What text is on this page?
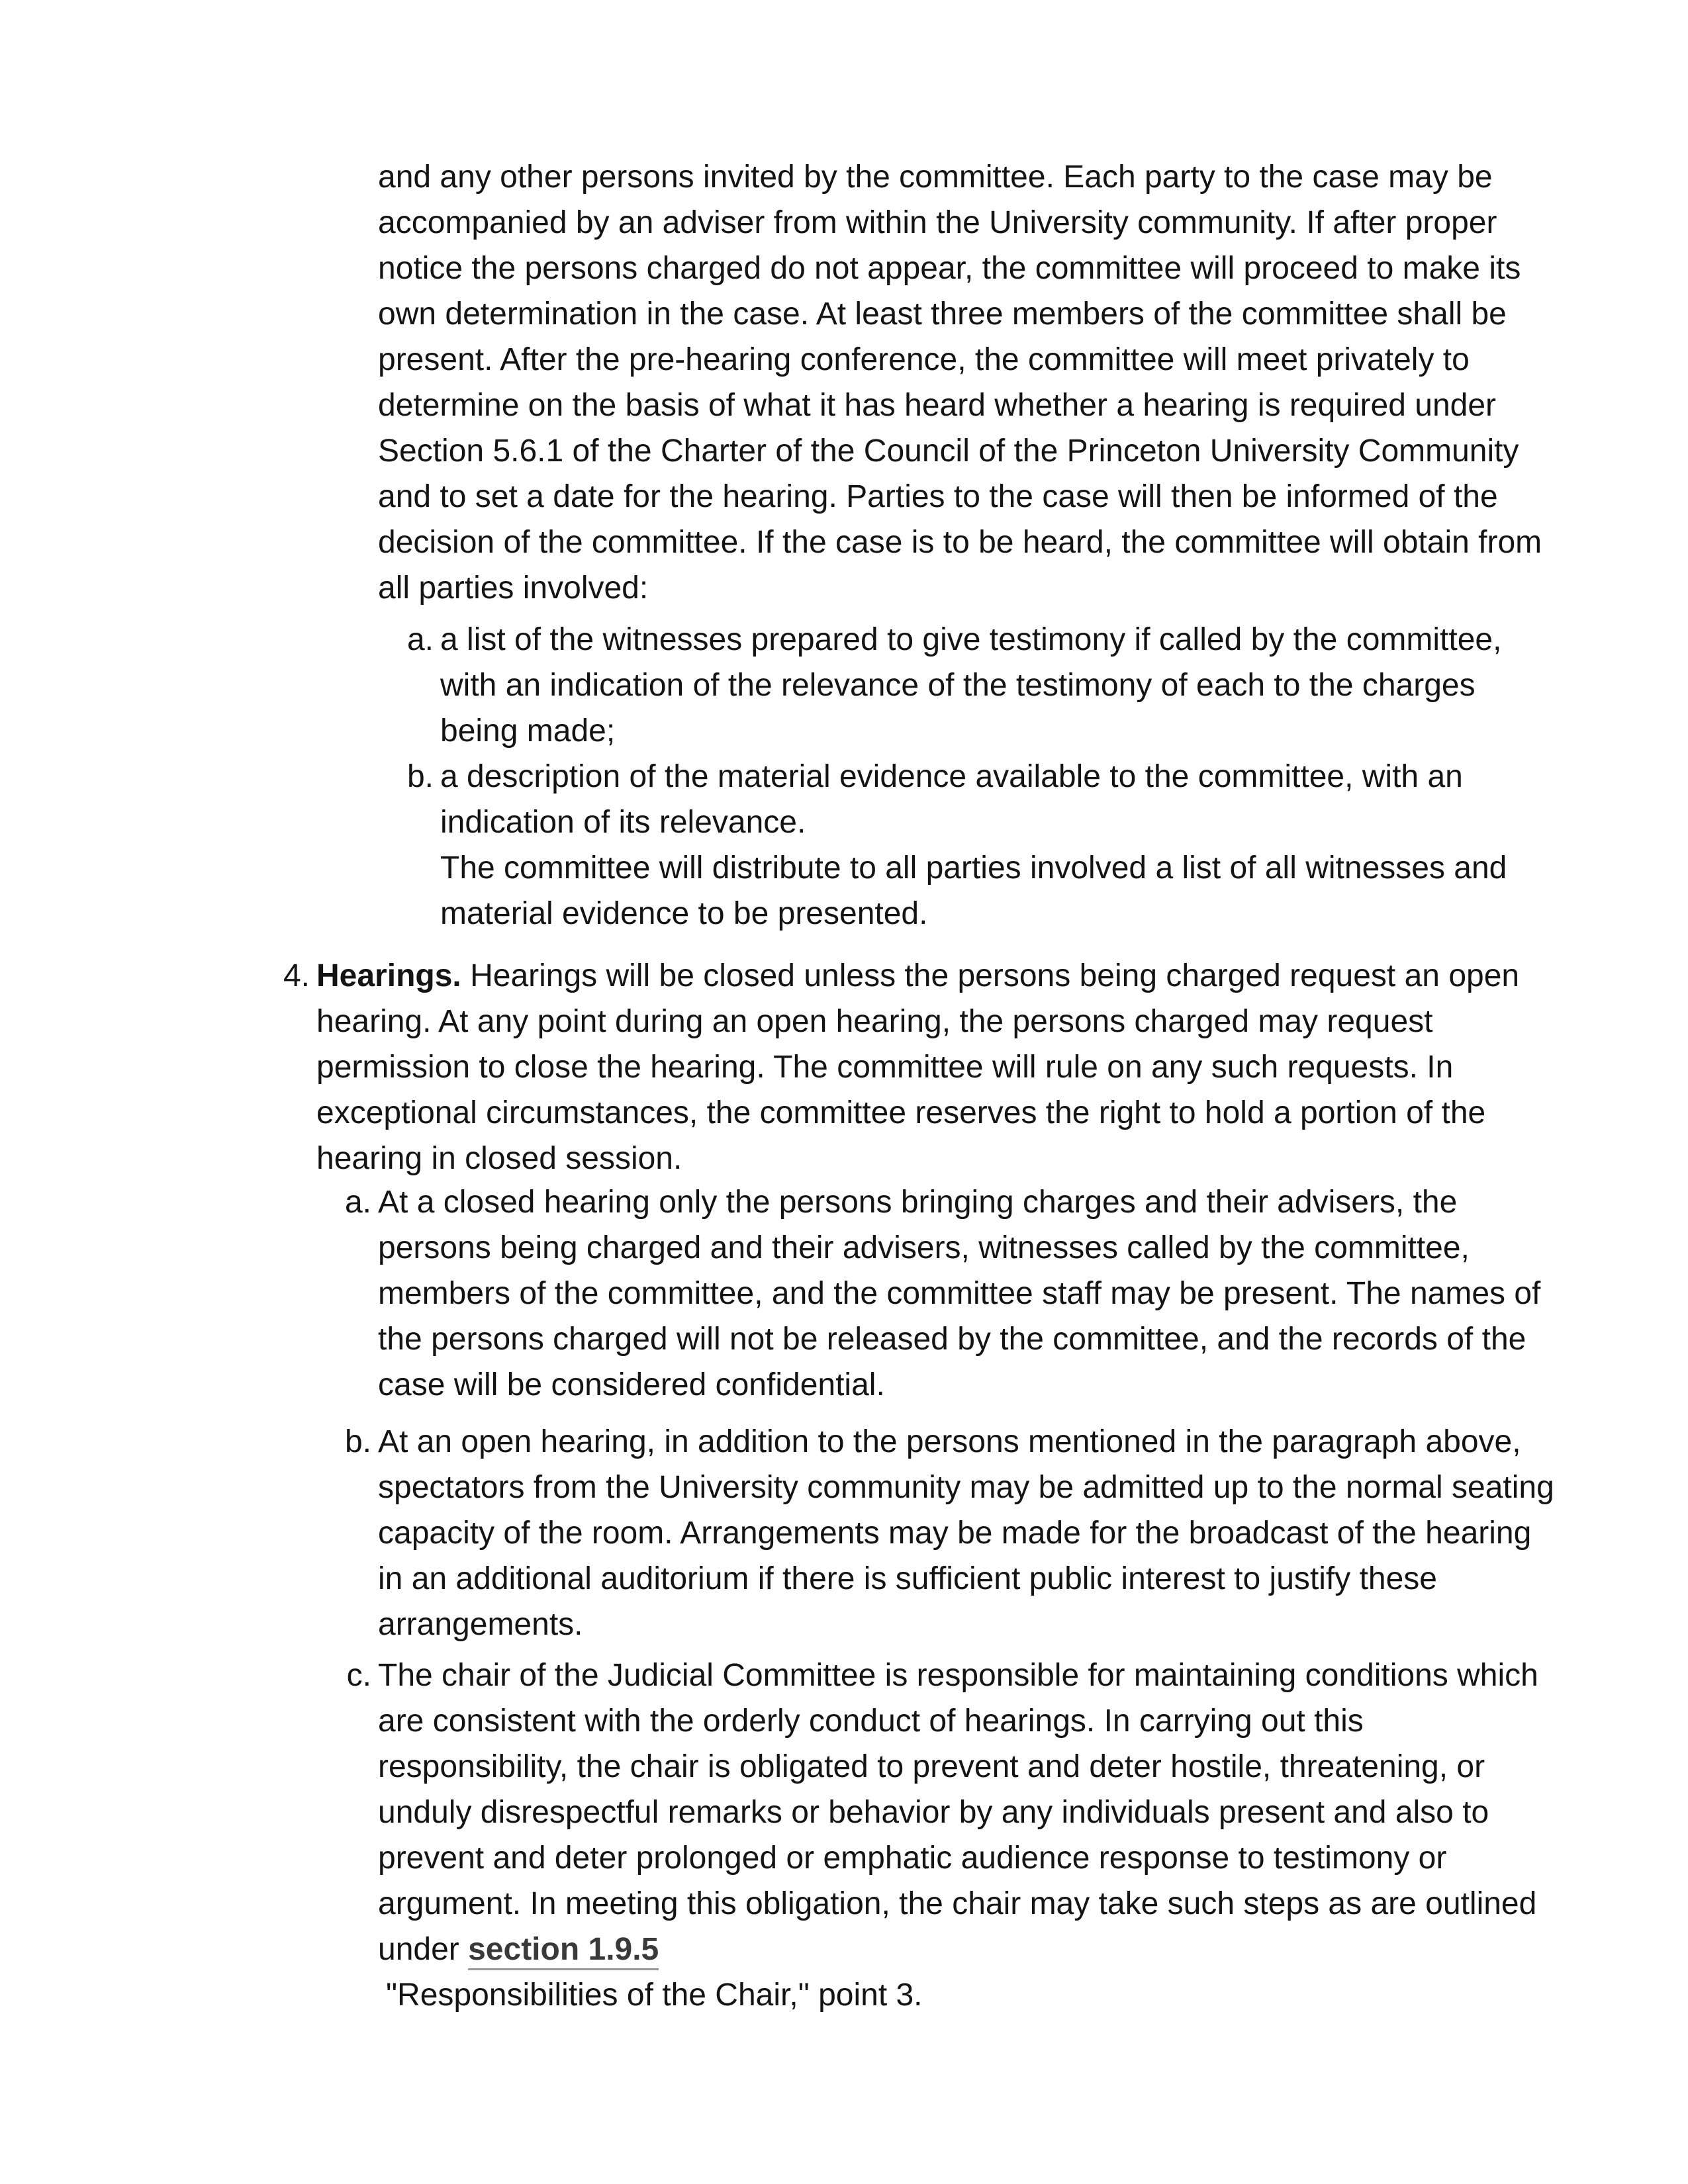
and any other persons invited by the committee. Each party to the case may be accompanied by an adviser from within the University community. If after proper notice the persons charged do not appear, the committee will proceed to make its own determination in the case. At least three members of the committee shall be present. After the pre-hearing conference, the committee will meet privately to determine on the basis of what it has heard whether a hearing is required under Section 5.6.1 of the Charter of the Council of the Princeton University Community and to set a date for the hearing. Parties to the case will then be informed of the decision of the committee. If the case is to be heard, the committee will obtain from all parties involved:

a. a list of the witnesses prepared to give testimony if called by the committee, with an indication of the relevance of the testimony of each to the charges being made;
b. a description of the material evidence available to the committee, with an indication of its relevance.
The committee will distribute to all parties involved a list of all witnesses and material evidence to be presented.
4. Hearings. Hearings will be closed unless the persons being charged request an open hearing. At any point during an open hearing, the persons charged may request permission to close the hearing. The committee will rule on any such requests. In exceptional circumstances, the committee reserves the right to hold a portion of the hearing in closed session.
a. At a closed hearing only the persons bringing charges and their advisers, the persons being charged and their advisers, witnesses called by the committee, members of the committee, and the committee staff may be present. The names of the persons charged will not be released by the committee, and the records of the case will be considered confidential.
b. At an open hearing, in addition to the persons mentioned in the paragraph above, spectators from the University community may be admitted up to the normal seating capacity of the room. Arrangements may be made for the broadcast of the hearing in an additional auditorium if there is sufficient public interest to justify these arrangements.
c. The chair of the Judicial Committee is responsible for maintaining conditions which are consistent with the orderly conduct of hearings. In carrying out this responsibility, the chair is obligated to prevent and deter hostile, threatening, or unduly disrespectful remarks or behavior by any individuals present and also to prevent and deter prolonged or emphatic audience response to testimony or argument. In meeting this obligation, the chair may take such steps as are outlined under section 1.9.5
"Responsibilities of the Chair," point 3.
